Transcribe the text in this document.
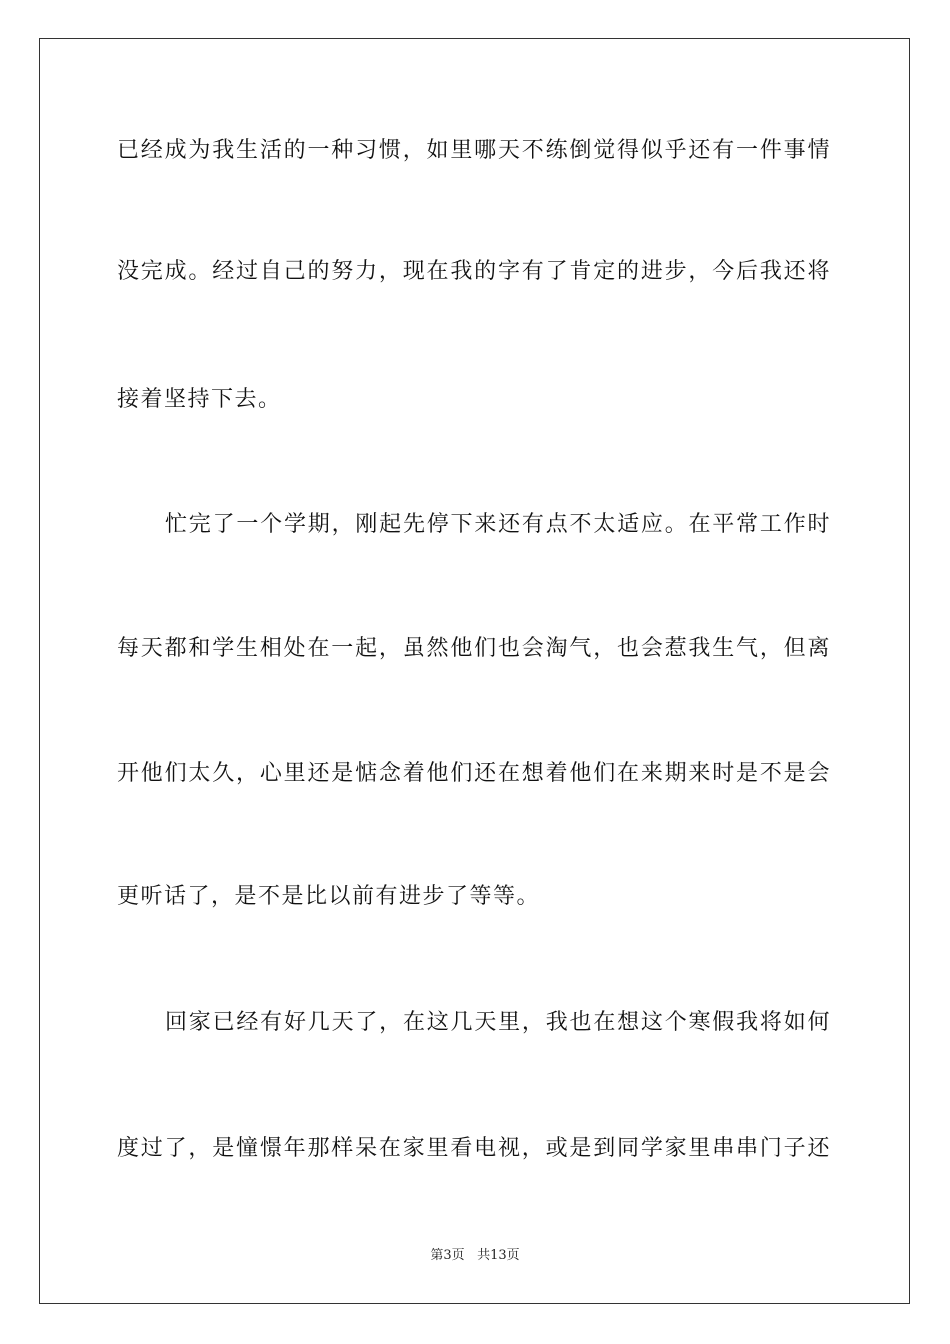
已经成为我生活的一种习惯，如里哪天不练倒觉得似乎还有一件事情
没完成。经过自己的努力，现在我的字有了肯定的进步，今后我还将
接着坚持下去。
忙完了一个学期，刚起先停下来还有点不太适应。在平常工作时
每天都和学生相处在一起，虽然他们也会淘气，也会惹我生气，但离
开他们太久，心里还是惦念着他们还在想着他们在来期来时是不是会
更听话了，是不是比以前有进步了等等。
回家已经有好几天了，在这几天里，我也在想这个寒假我将如何
度过了，是憧憬年那样呆在家里看电视，或是到同学家里串串门子还
第3页 共13页
